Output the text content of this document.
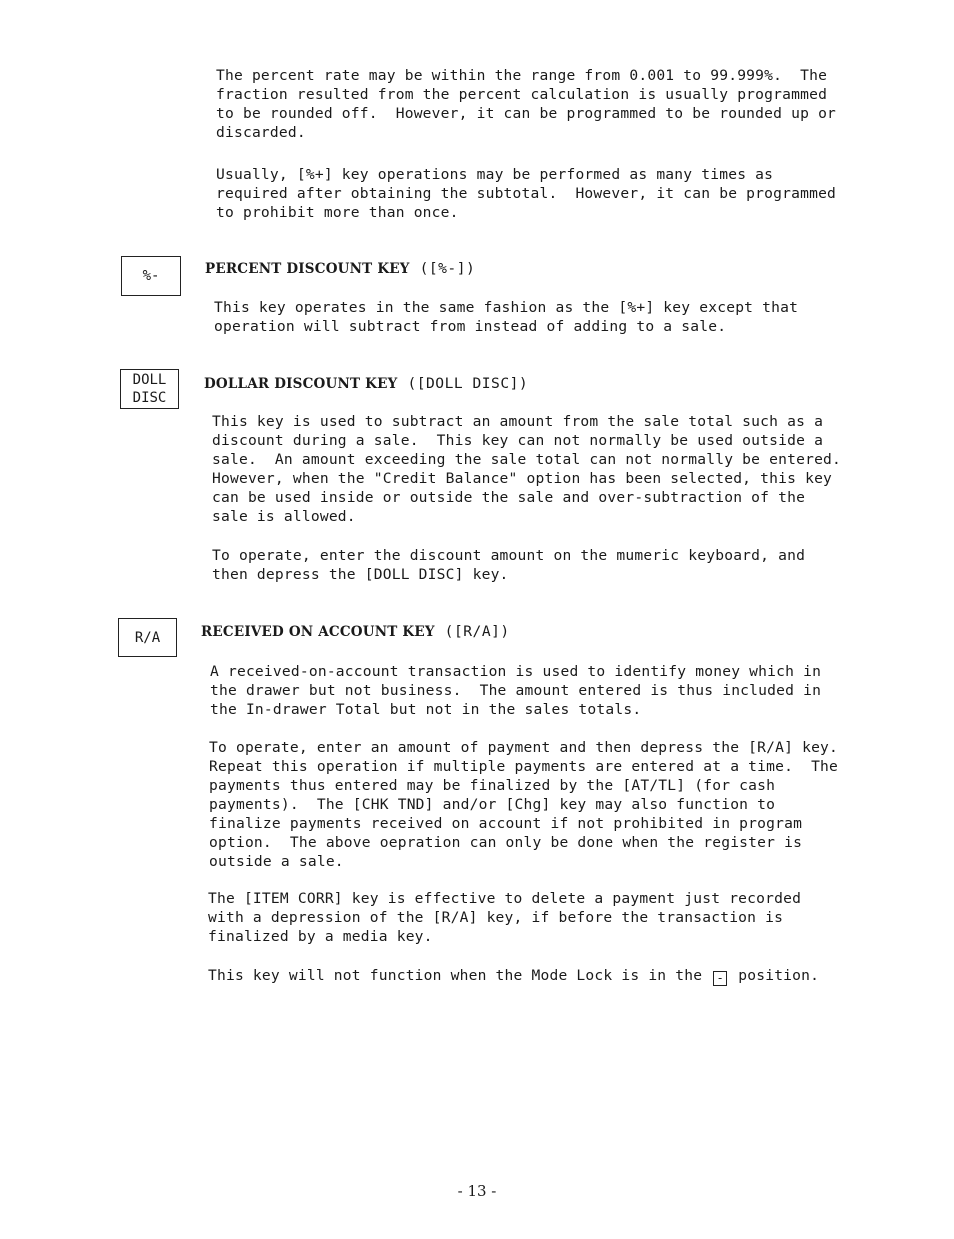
The percent rate may be within the range from 0.001 to 99.999%.  The
fraction resulted from the percent calculation is usually programmed
to be rounded off.  However, it can be programmed to be rounded up or
discarded.

Usually, [%+] key operations may be performed as many times as
required after obtaining the subtotal.  However, it can be programmed
to prohibit more than once.

%-	PERCENT DISCOUNT KEY ([%-])

This key operates in the same fashion as the [%+] key except that
operation will subtract from instead of adding to a sale.

DOLL
DISC
DOLLAR DISCOUNT KEY ([DOLL DISC])

This key is used to subtract an amount from the sale total such as a
discount during a sale.  This key can not normally be used outside a
sale.  An amount exceeding the sale total can not normally be entered.
However, when the "Credit Balance" option has been selected, this key
can be used inside or outside the sale and over-subtraction of the
sale is allowed.

To operate, enter the discount amount on the mumeric keyboard, and
then depress the [DOLL DISC] key.

R/A	RECEIVED ON ACCOUNT KEY ([R/A])

A received-on-account transaction is used to identify money which in
the drawer but not business.  The amount entered is thus included in
the In-drawer Total but not in the sales totals.

To operate, enter an amount of payment and then depress the [R/A] key.
Repeat this operation if multiple payments are entered at a time.  The
payments thus entered may be finalized by the [AT/TL] (for cash
payments).  The [CHK TND] and/or [Chg] key may also function to
finalize payments received on account if not prohibited in program
option.  The above oepration can only be done when the register is
outside a sale.

The [ITEM CORR] key is effective to delete a payment just recorded
with a depression of the [R/A] key, if before the transaction is
finalized by a media key.

This key will not function when the Mode Lock is in the - position.

- 13 -
